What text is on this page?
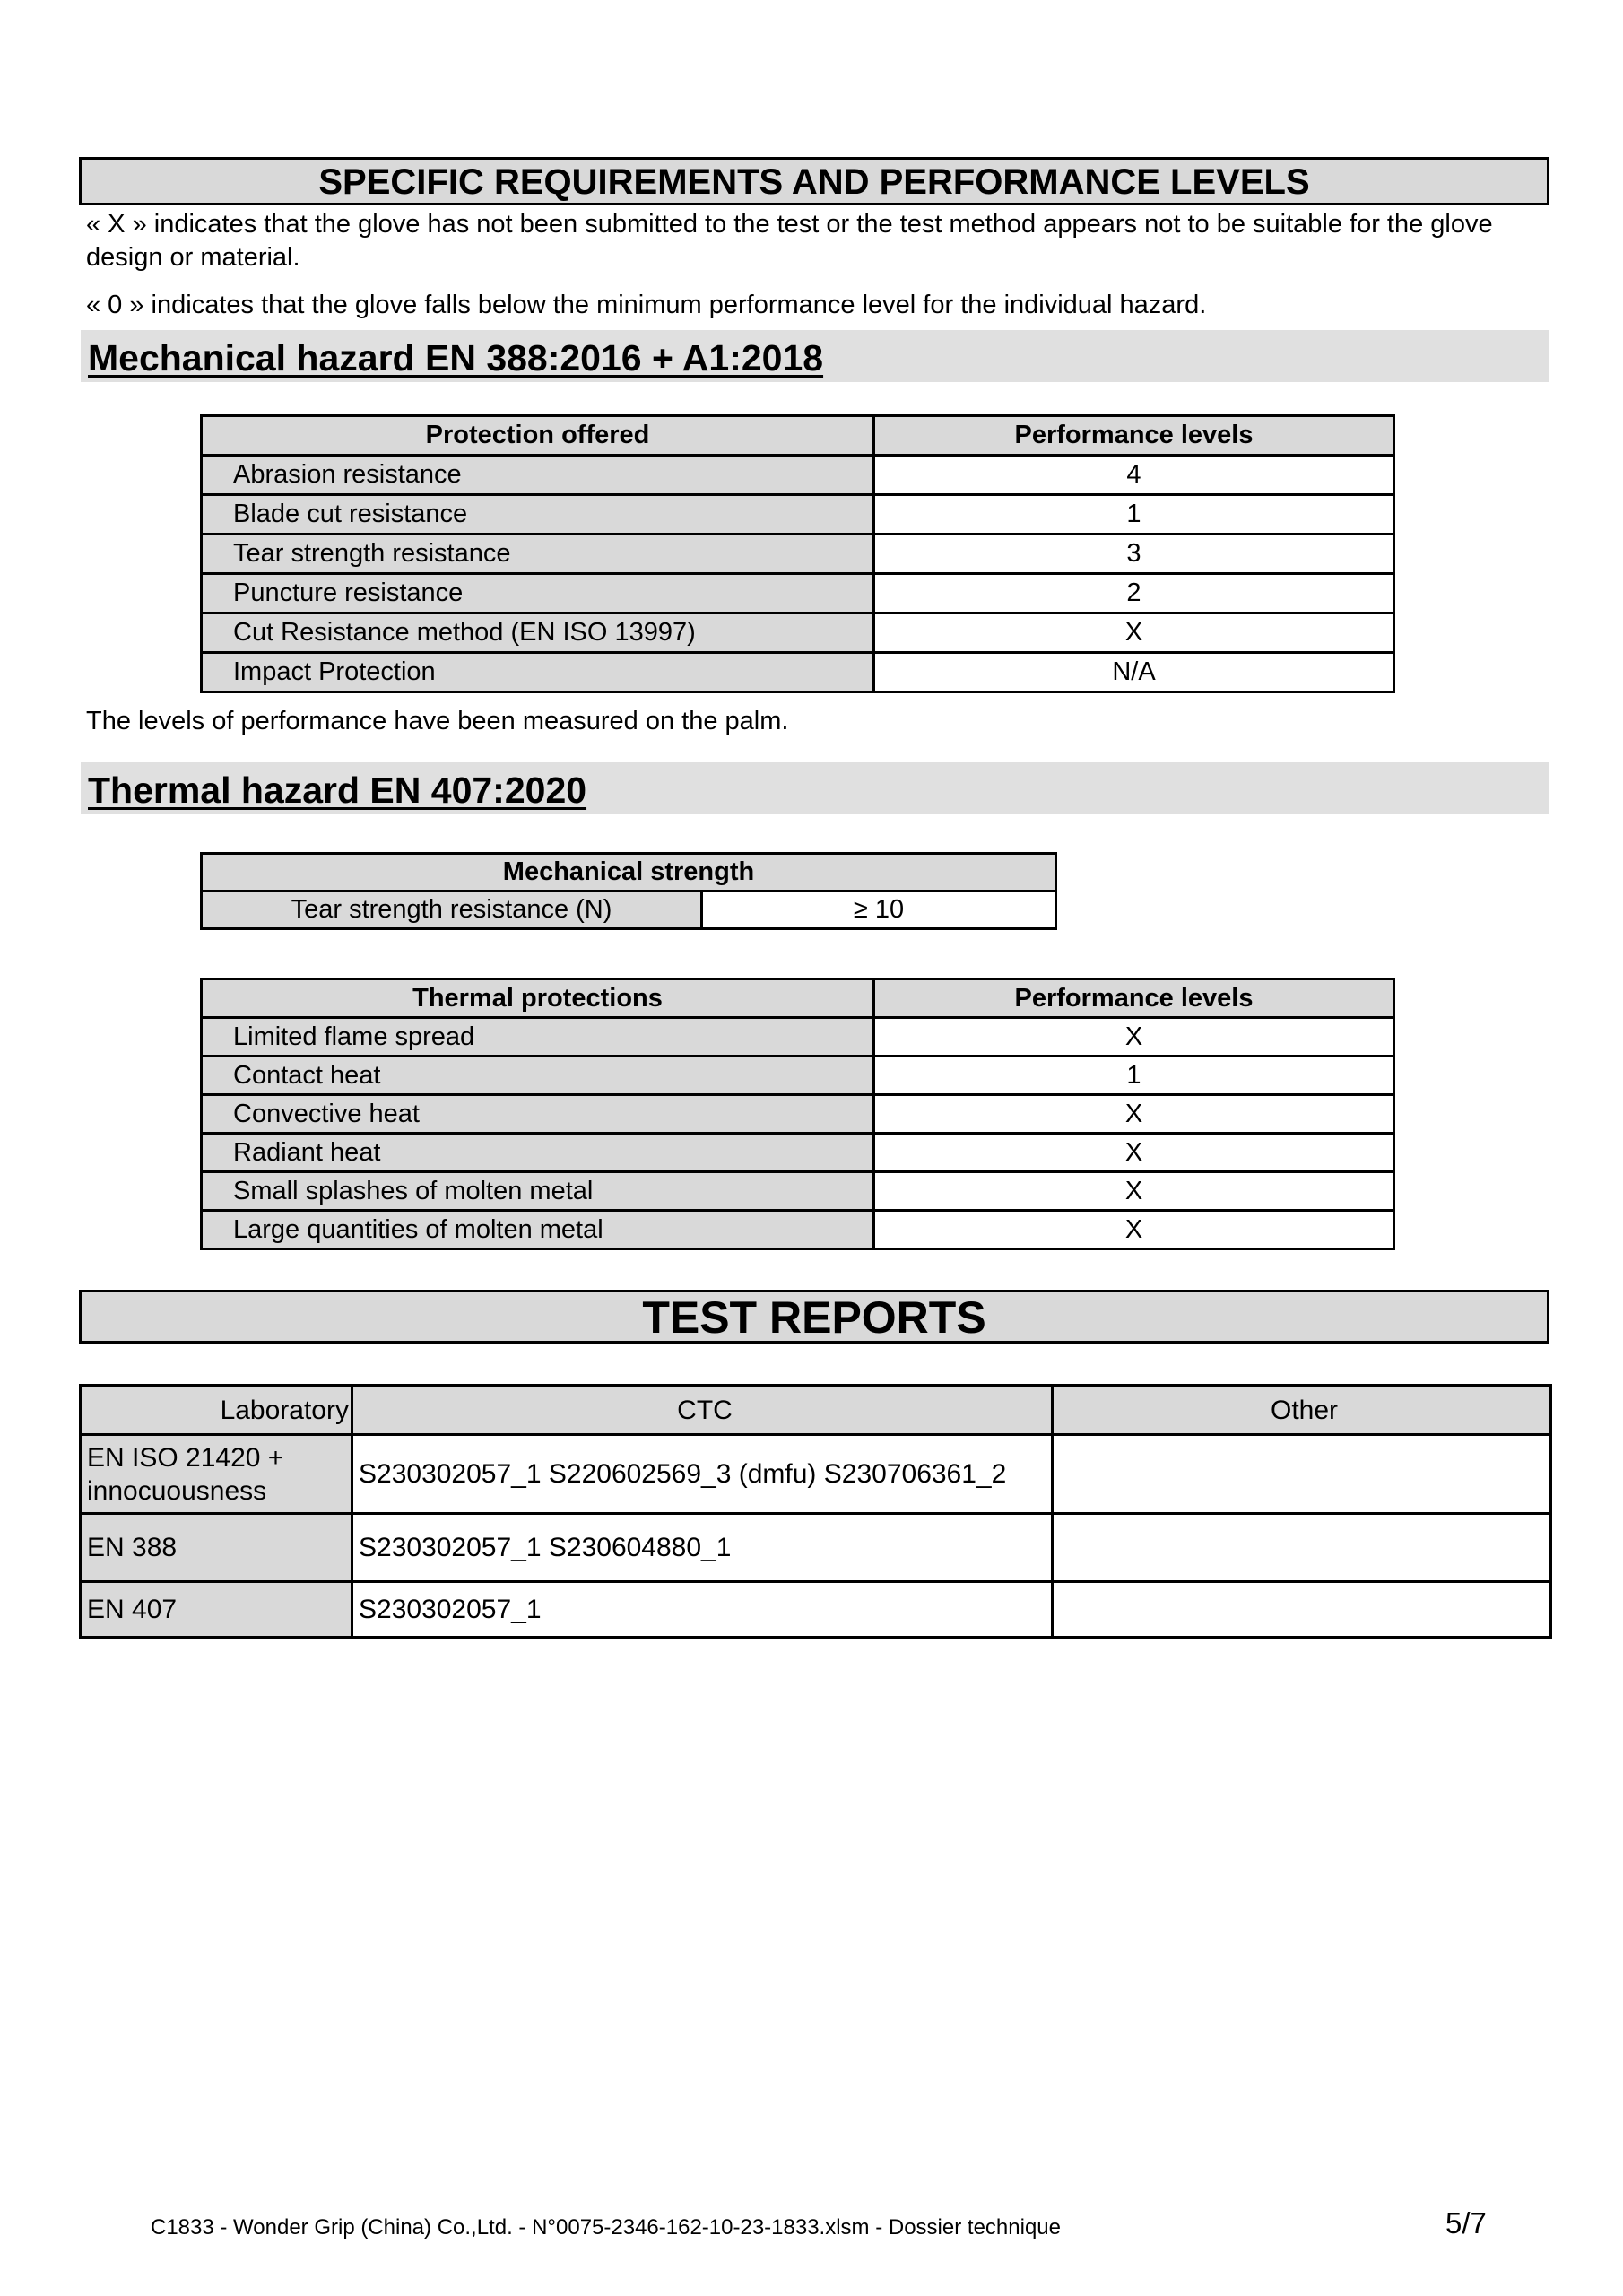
SPECIFIC REQUIREMENTS AND PERFORMANCE LEVELS
« X » indicates that the glove has not been submitted to the test or the test method appears not to be suitable for the glove design or material.
« 0 » indicates that the glove falls below the minimum performance level for the individual hazard.
Mechanical hazard EN 388:2016 + A1:2018
Protection offered	Performance levels
Abrasion resistance	4
Blade cut resistance	1
Tear strength resistance	3
Puncture resistance	2
Cut Resistance method (EN ISO 13997)	X
Impact Protection	N/A
The levels of performance have been measured on the palm.
Thermal hazard EN 407:2020
Mechanical strength
Tear strength resistance (N)	≥ 10
Thermal protections	Performance levels
Limited flame spread	X
Contact heat	1
Convective heat	X
Radiant heat	X
Small splashes of molten metal	X
Large quantities of molten metal	X
TEST REPORTS
Laboratory	CTC	Other
EN ISO 21420 + innocuousness	S230302057_1 S220602569_3 (dmfu) S230706361_2	
EN 388	S230302057_1 S230604880_1	
EN 407	S230302057_1	
C1833 - Wonder Grip (China) Co.,Ltd. - N°0075-2346-162-10-23-1833.xlsm - Dossier technique	5/7
